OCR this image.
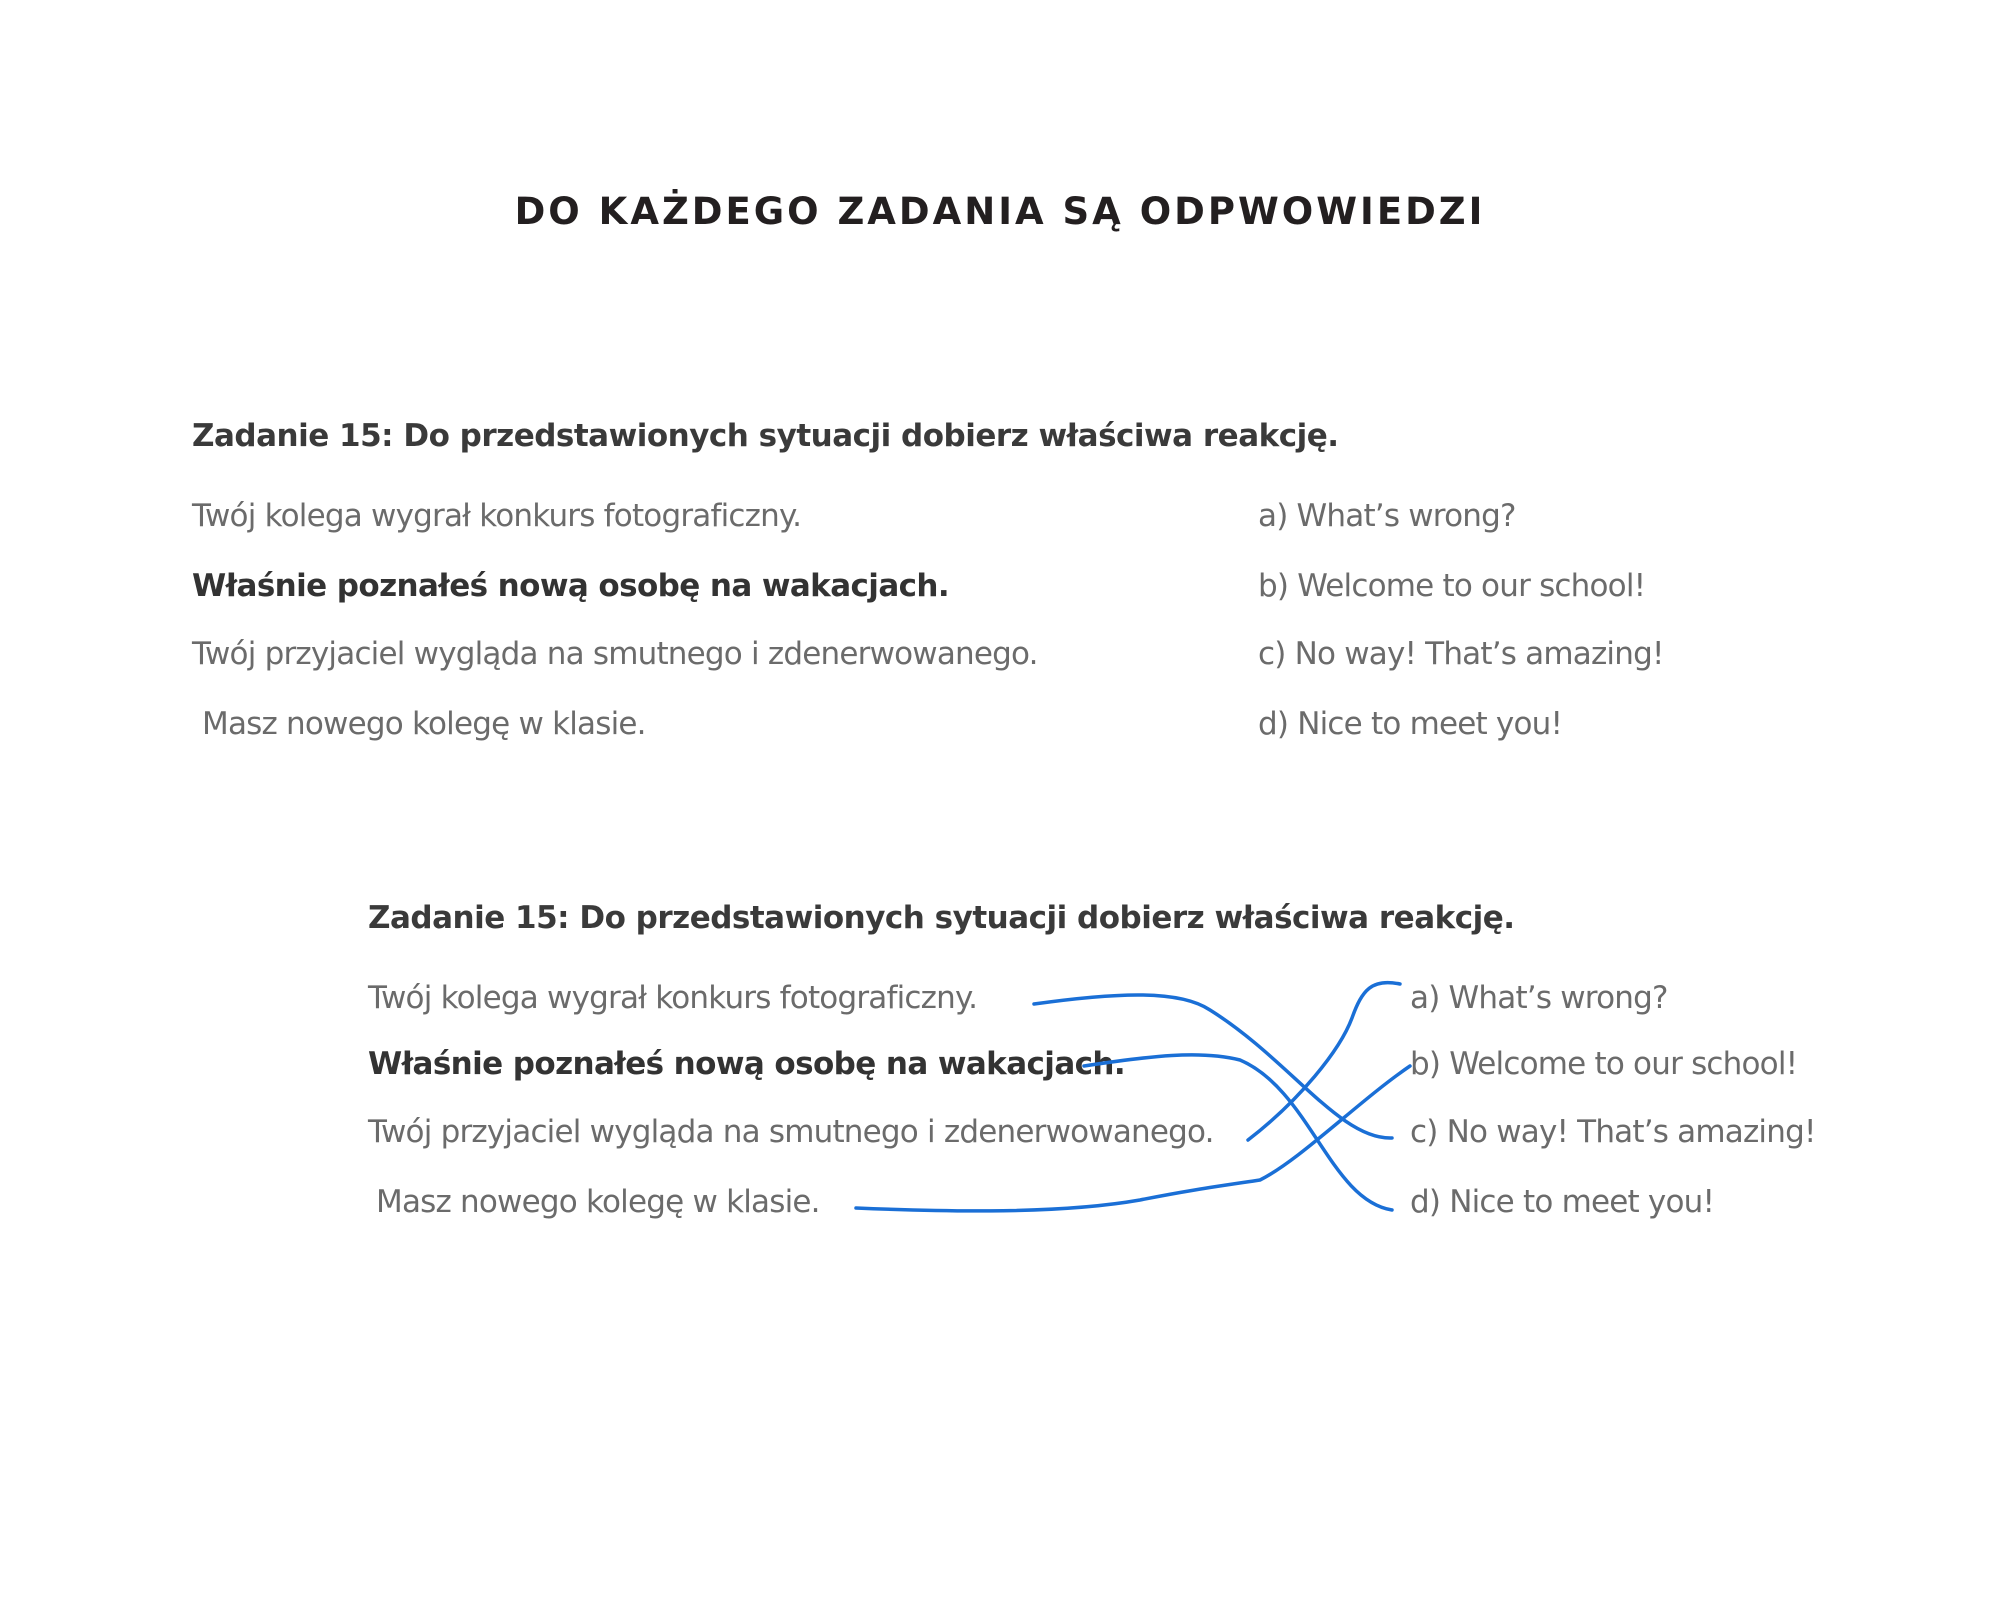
DO KAŻDEGO ZADANIA SĄ ODPWOWIEDZI
Zadanie 15: Do przedstawionych sytuacji dobierz właściwa reakcję.
Twój kolega wygrał konkurs fotograficzny.
Właśnie poznałeś nową osobę na wakacjach.
Twój przyjaciel wygląda na smutnego i zdenerwowanego.
Masz nowego kolegę w klasie.
a) What’s wrong?
b) Welcome to our school!
c) No way! That’s amazing!
d) Nice to meet you!
Zadanie 15: Do przedstawionych sytuacji dobierz właściwa reakcję.
Twój kolega wygrał konkurs fotograficzny.
Właśnie poznałeś nową osobę na wakacjach.
Twój przyjaciel wygląda na smutnego i zdenerwowanego.
Masz nowego kolegę w klasie.
a) What’s wrong?
b) Welcome to our school!
c) No way! That’s amazing!
d) Nice to meet you!
